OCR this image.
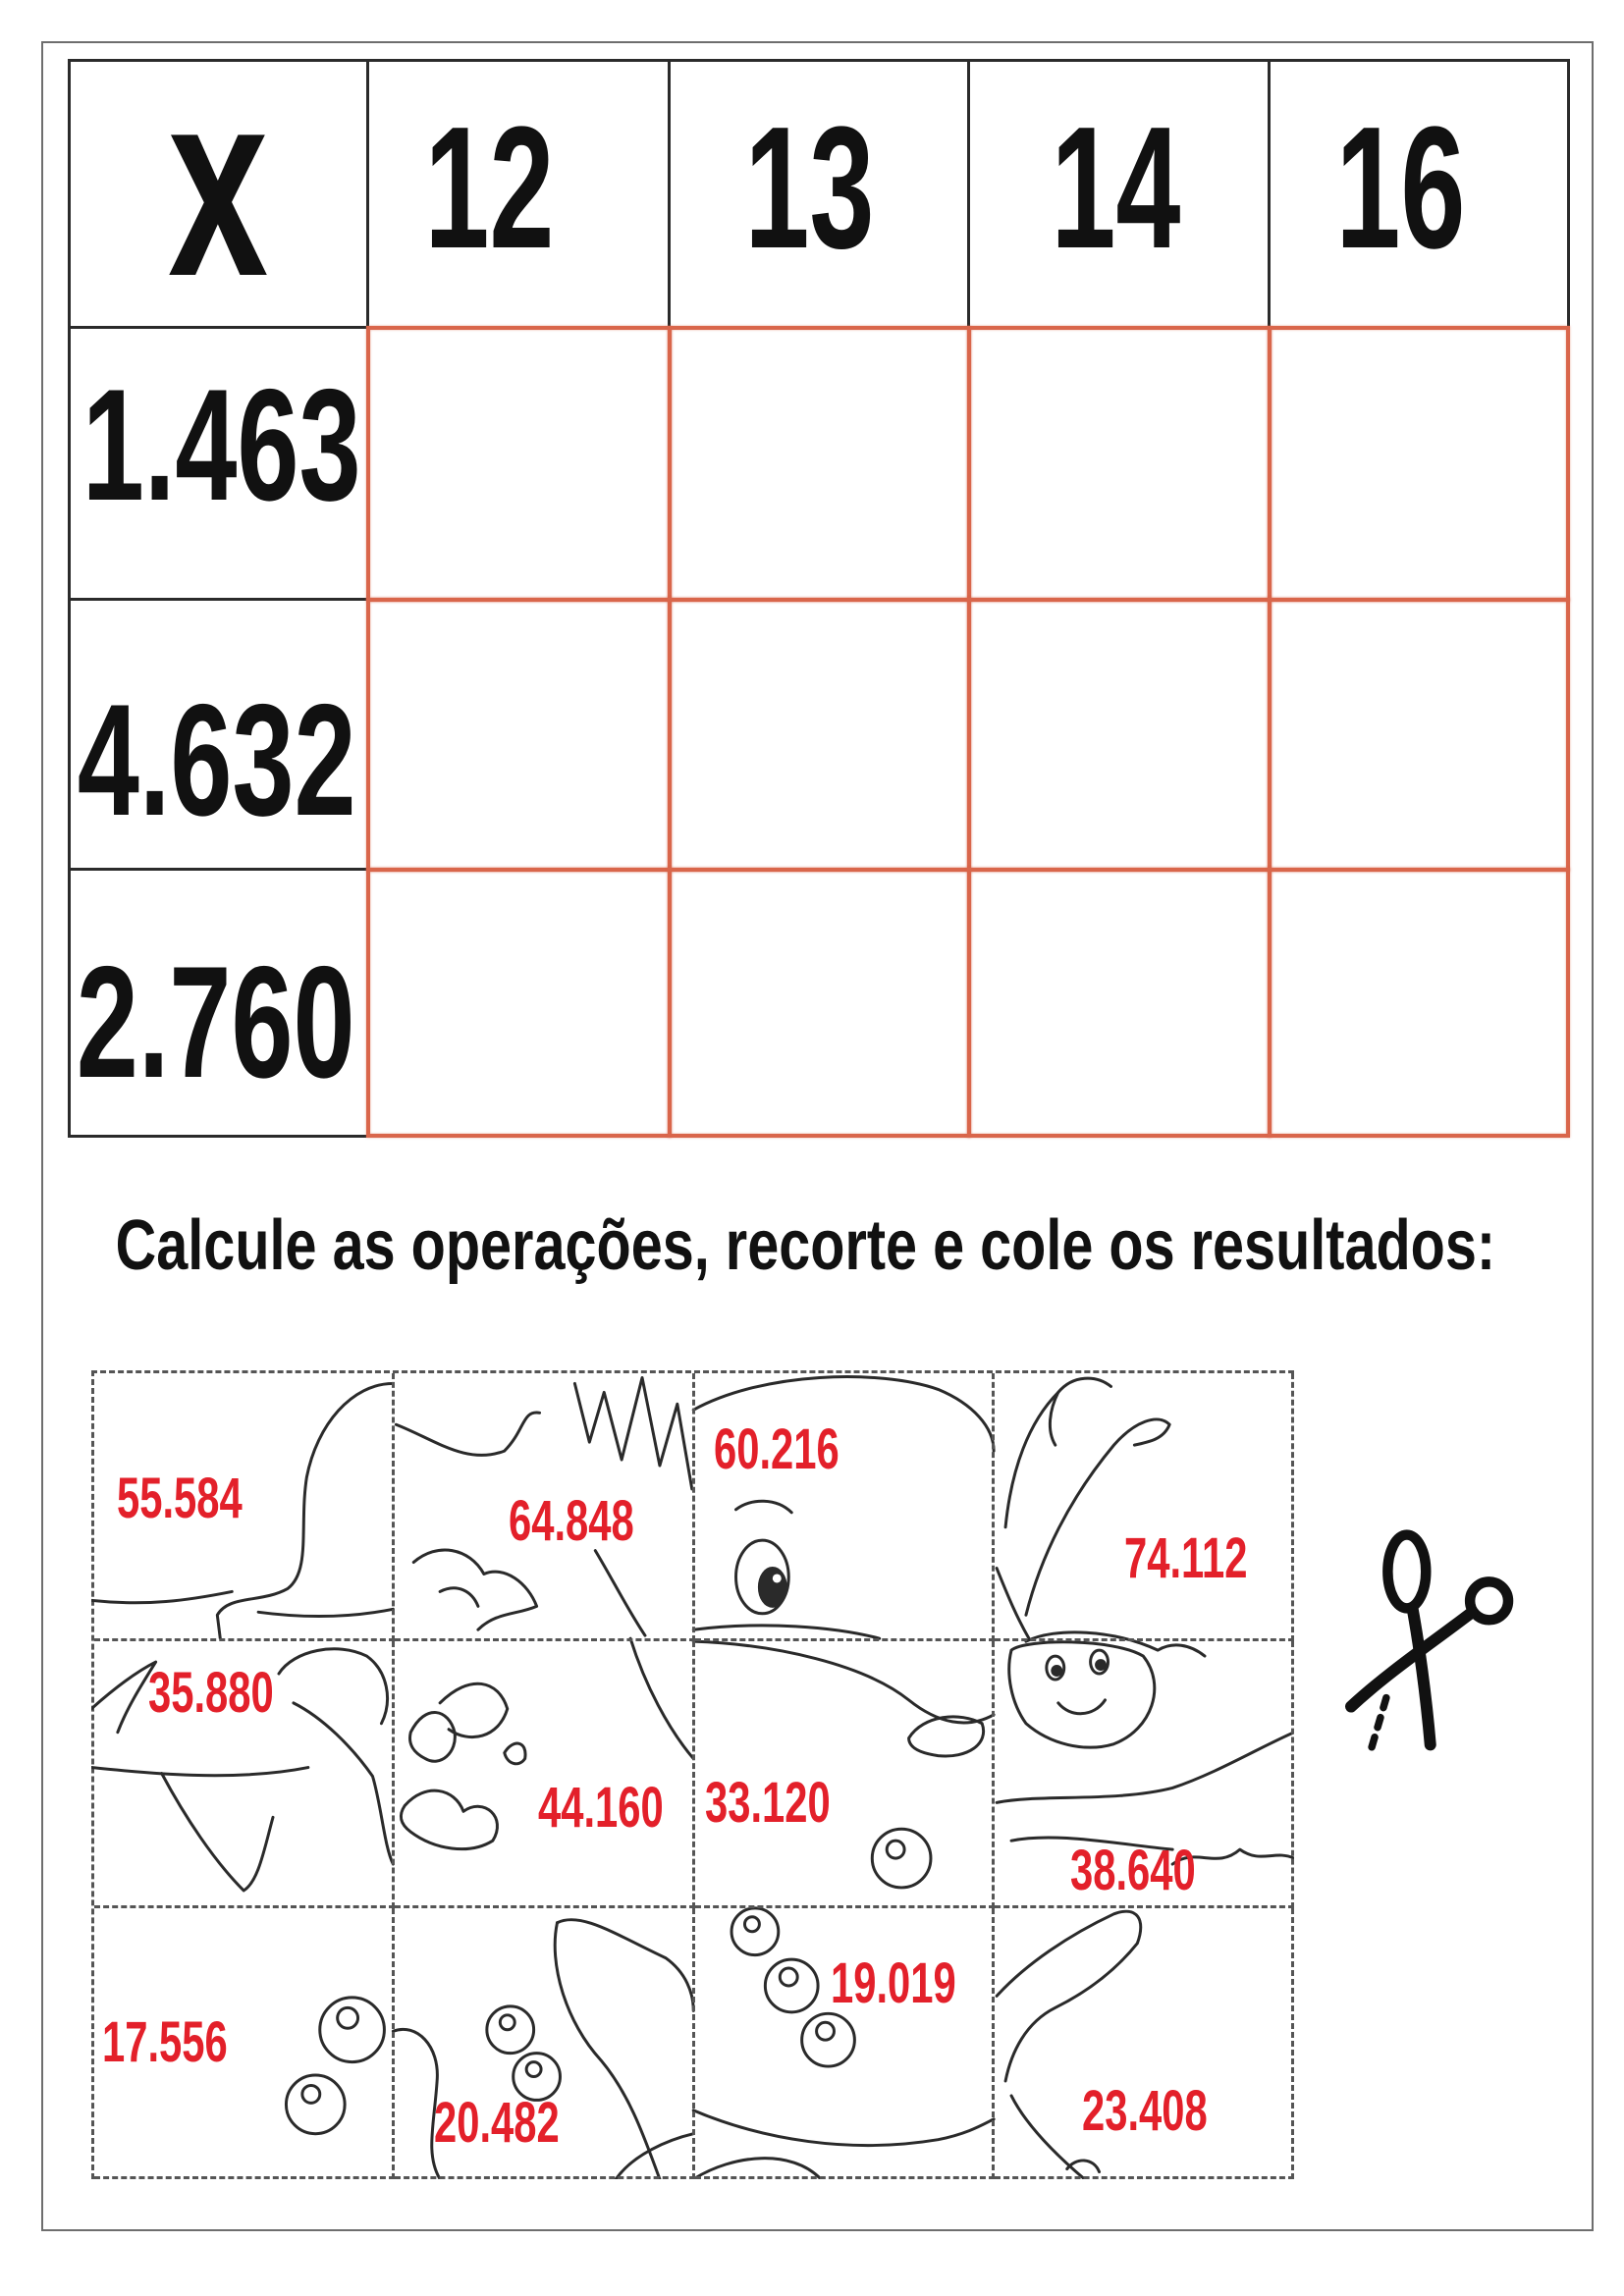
x 12 13 14 16
1.463
4.632
2.760
Calcule as operações, recorte e cole os resultados:
55.584	64.848
60.216
74.112
35.880
44.160 33.120
38.640
17.556
20.482
19.019
23.408
